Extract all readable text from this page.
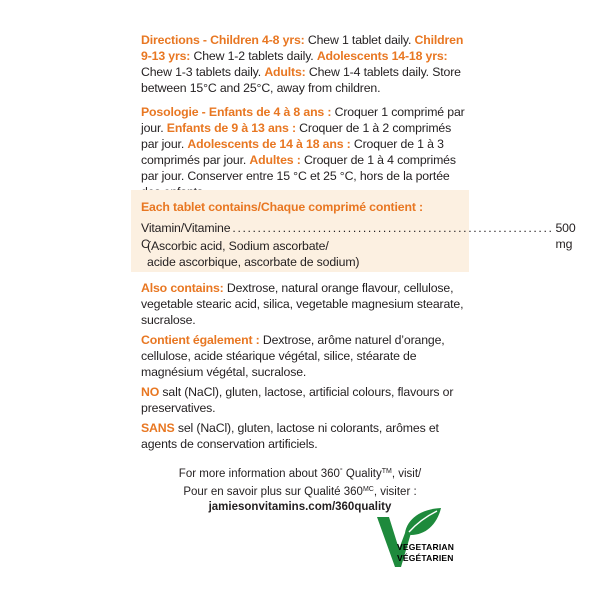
Directions - Children 4-8 yrs: Chew 1 tablet daily. Children 9-13 yrs: Chew 1-2 tablets daily. Adolescents 14-18 yrs: Chew 1-3 tablets daily. Adults: Chew 1-4 tablets daily. Store between 15°C and 25°C, away from children.

Posologie - Enfants de 4 à 8 ans : Croquer 1 comprimé par jour. Enfants de 9 à 13 ans : Croquer de 1 à 2 comprimés par jour. Adolescents de 14 à 18 ans : Croquer de 1 à 3 comprimés par jour. Adultes : Croquer de 1 à 4 comprimés par jour. Conserver entre 15 °C et 25 °C, hors de la portée

Each tablet contains/Chaque comprimé contient :
Vitamin/Vitamine C
................................................................ 500 mg
(Ascorbic acid, Sodium ascorbate/
acide ascorbique, ascorbate de sodium)

Also contains: Dextrose, natural orange flavour, cellulose, vegetable stearic acid, silica, vegetable magnesium stearate, sucralose.

Contient également : Dextrose, arôme naturel d’orange, cellulose, acide stéarique végétal, silice, stéarate de magnésium végétal, sucralose.

NO salt (NaCl), gluten, lactose, artificial colours, flavours or preservatives.

SANS sel (NaCl), gluten, lactose ni colorants, arômes et agents de conservation artificiels.

For more information about 360° Quality™, visit/
Pour en savoir plus sur Qualité $360^{MC}$, visiter :
jamiesonvitamins.com/360quality
VEGETARIAN
VÉGÉTARIEN
